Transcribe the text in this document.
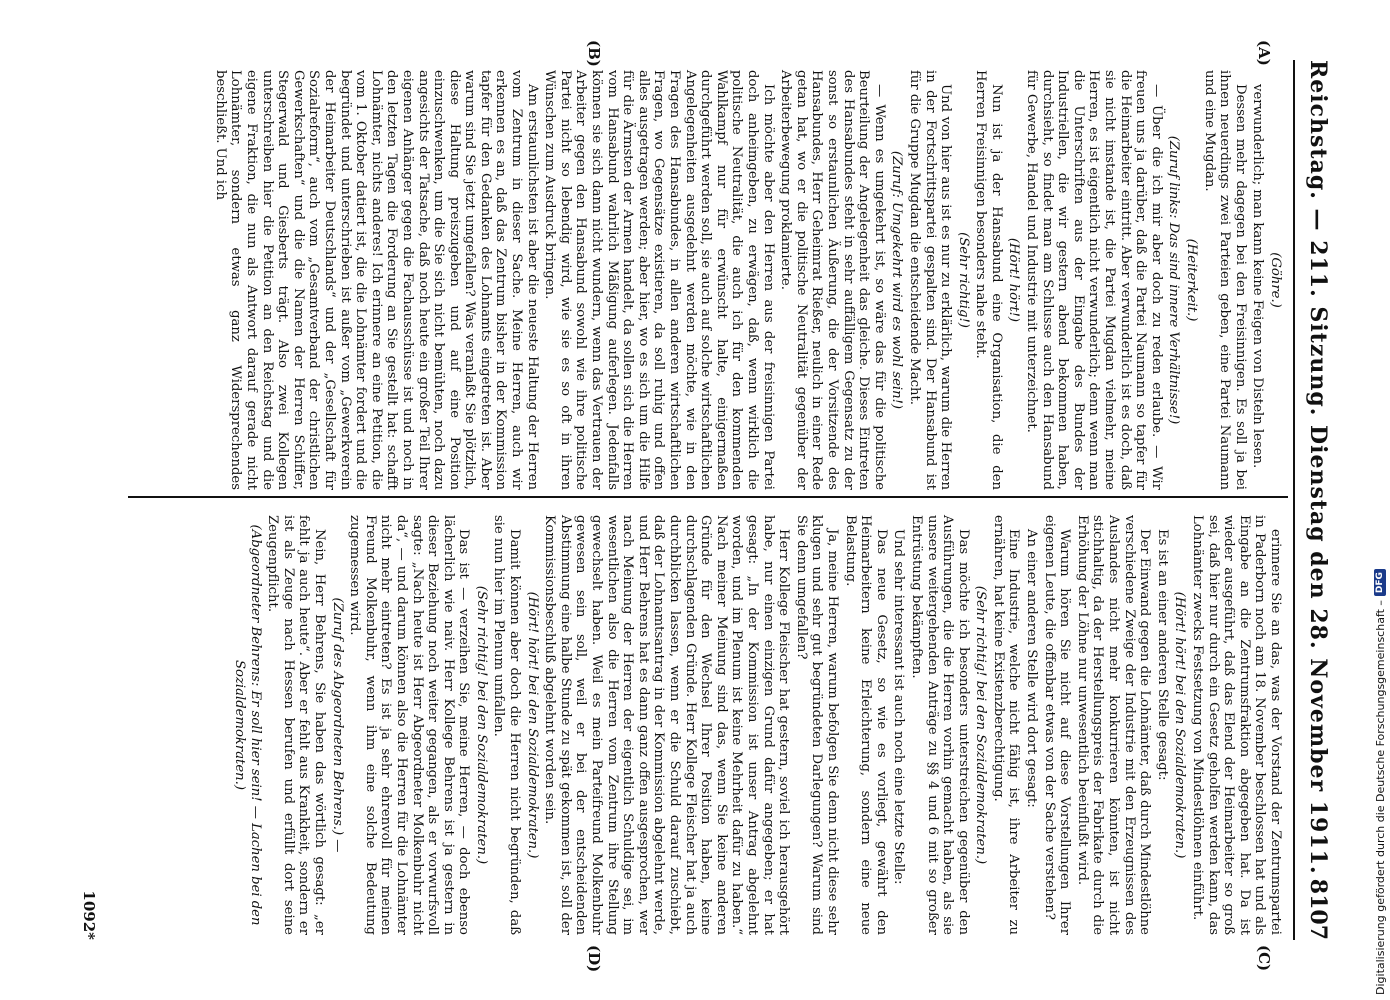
Reichstag. — 211. Sitzung. Dienstag den 28. November 1911.
8107
(A)
(B)
(C)
(D)

(Göhre.)

verwunderlich; man kann keine Feigen von Disteln lesen.

Dessen mehr dagegen bei den Freisinnigen. Es soll ja bei ihnen neuerdings zwei Parteien geben, eine Partei Naumann und eine Mugdan.

(Heiterkeit.)

(Zuruf links: Das sind innere Verhältnisse!)

— Über die ich mir aber doch zu reden erlaube. — Wir freuen uns ja darüber, daß die Partei Naumann so tapfer für die Heimarbeiter eintritt. Aber verwunderlich ist es doch, daß sie nicht imstande ist, die Partei Mugdan vielmehr, meine Herren, es ist eigentlich nicht verwunderlich; denn wenn man die Unterschriften aus der Eingabe des Bundes der Industriellen, die wir gestern abend bekommen haben, durchsieht, so findet man am Schlusse auch den Hansabund für Gewerbe, Handel und Industrie mit unterzeichnet.

(Hört! hört!)

Nun ist ja der Hansabund eine Organisation, die den Herren Freisinnigen besonders nahe steht.

(Sehr richtig!)

Und von hier aus ist es nur zu erklärlich, warum die Herren in der Fortschrittspartei gespalten sind. Der Hansabund ist für die Gruppe Mugdan die entscheidende Macht.

(Zuruf: Umgekehrt wird es wohl sein!)

— Wenn es umgekehrt ist, so wäre das für die politische Beurteilung der Angelegenheit das gleiche. Dieses Eintreten des Hansabundes steht in sehr auffälligem Gegensatz zu der sonst so erstaunlichen Äußerung, die der Vorsitzende des Hansabundes, Herr Geheimrat Rießer, neulich in einer Rede getan hat, wo er die politische Neutralität gegenüber der Arbeiterbewegung proklamierte.

Ich möchte aber den Herren aus der freisinnigen Partei doch anheimgeben, zu erwägen, daß, wenn wirklich die politische Neutralität, die auch ich für den kommenden Wahlkampf nur für erwünscht halte, einigermaßen durchgeführt werden soll, sie auch auf solche wirtschaftlichen Angelegenheiten ausgedehnt werden möchte, wie in den Fragen des Hansabundes, in allen anderen wirtschaftlichen Fragen, wo Gegensätze existieren, da soll ruhig und offen alles ausgetragen werden; aber hier, wo es sich um die Hilfe für die Ärmsten der Armen handelt, da sollen sich die Herren vom Hansabund wahrlich Mäßigung auferlegen. Jedenfalls können sie sich dann nicht wundern, wenn das Vertrauen der Arbeiter gegen den Hansabund sowohl wie ihre politische Partei nicht so lebendig wird, wie sie es so oft in ihren Wünschen zum Ausdruck bringen.

Am erstaunlichsten ist aber die neueste Haltung der Herren vom Zentrum in dieser Sache. Meine Herren, auch wir erkennen es an, daß das Zentrum bisher in der Kommission tapfer für den Gedanken des Lohnamts eingetreten ist. Aber warum sind Sie jetzt umgefallen? Was veranlaßt Sie plötzlich, diese Haltung preiszugeben und auf eine Position einzuschwenken, um die Sie sich nicht bemühten, noch dazu angesichts der Tatsache, daß noch heute ein großer Teil Ihrer eigenen Anhänger gegen die Fachausschüsse ist und noch in den letzten Tagen die Forderung an Sie gestellt hat: schafft Lohnämter, nichts anderes! Ich erinnere an eine Petition, die vom 1. Oktober datiert ist, die die Lohnämter fordert und die begründet und unterschrieben ist außer vom „Gewerkverein der Heimarbeiter Deutschlands“ und der „Gesellschaft für Sozialreform“, auch vom „Gesamtverband der christlichen Gewerkschaften“ und die die Namen der Herren Schiffer, Stegerwald und Giesberts trägt. Also zwei Kollegen unterschreiben hier die Petition an den Reichstag und die eigene Fraktion, die nun als Antwort darauf gerade nicht Lohnämter, sondern etwas ganz Widersprechendes beschließt. Und ich

erinnere Sie an das, was der Vorstand der Zentrumspartei in Paderborn noch am 18. November beschlossen hat und als Eingabe an die Zentrumsfraktion abgegeben hat. Da ist wieder ausgeführt, daß das Elend der Heimarbeiter so groß sei, daß hier nur durch ein Gesetz geholfen werden kann, das Lohnämter zwecks Festsetzung von Mindestlöhnen einführt.

(Hört! hört! bei den Sozialdemokraten.)

Es ist an einer anderen Stelle gesagt:

Der Einwand gegen die Lohnämter, daß durch Mindestlöhne verschiedene Zweige der Industrie mit den Erzeugnissen des Auslandes nicht mehr konkurrieren könnten, ist nicht stichhaltig, da der Herstellungspreis der Fabrikate durch die Erhöhung der Löhne nur unwesentlich beeinflußt wird.

Warum hören Sie nicht auf diese Vorstellungen Ihrer eigenen Leute, die offenbar etwas von der Sache verstehen?

An einer anderen Stelle wird dort gesagt:

Eine Industrie, welche nicht fähig ist, ihre Arbeiter zu ernähren, hat keine Existenzberechtigung.

(Sehr richtig! bei den Sozialdemokraten.)

Das möchte ich besonders unterstreichen gegenüber den Ausführungen, die die Herren vorhin gemacht haben, als sie unsere weitergehenden Anträge zu §§ 4 und 6 mit so großer Entrüstung bekämpften.

Und sehr interessant ist auch noch eine letzte Stelle:

Das neue Gesetz, so wie es vorliegt, gewährt den Heimarbeitern keine Erleichterung, sondern eine neue Belastung.

Ja, meine Herren, warum befolgen Sie denn nicht diese sehr klugen und sehr gut begründeten Darlegungen? Warum sind Sie denn umgefallen?

Herr Kollege Fleischer hat gestern, soviel ich herausgehört habe, nur einen einzigen Grund dafür angegeben; er hat gesagt: „In der Kommission ist unser Antrag abgelehnt worden, und im Plenum ist keine Mehrheit dafür zu haben.“ Nach meiner Meinung sind das, wenn Sie keine anderen Gründe für den Wechsel Ihrer Position haben, keine durchschlagenden Gründe. Herr Kollege Fleischer hat ja auch durchblicken lassen, wenn er die Schuld darauf zuschiebt, daß der Lohnamtsantrag in der Kommission abgelehnt werde, und Herr Behrens hat es dann ganz offen ausgesprochen, wer nach Meinung der Herren der eigentlich Schuldige sei, im wesentlichen also die Herren vom Zentrum ihre Stellung gewechselt haben. Weil es mein Parteifreund Molkenbuhr gewesen sein soll, weil er bei der entscheidenden Abstimmung eine halbe Stunde zu spät gekommen ist, soll der Kommissionsbeschluß abgelehnt worden sein.

(Hört! hört! bei den Sozialdemokraten.)

Damit können aber doch die Herren nicht begründen, daß sie nun hier im Plenum umfallen.

(Sehr richtig! bei den Sozialdemokraten.)

Das ist — verzeihen Sie, meine Herren, — doch ebenso lächerlich wie naiv. Herr Kollege Behrens ist ja gestern in dieser Beziehung noch weiter gegangen, als er vorwurfsvoll sagte: „Nach heute ist Herr Abgeordneter Molkenbuhr nicht da“, — und darum können also die Herren für die Lohnämter nicht mehr eintreten? Es ist ja sehr ehrenvoll für meinen Freund Molkenbuhr, wenn ihm eine solche Bedeutung zugemessen wird.

(Zuruf des Abgeordneten Behrens.) —

Nein, Herr Behrens, Sie haben das wörtlich gesagt: „er fehlt ja auch heute“. Aber er fehlt aus Krankheit, sondern er ist als Zeuge nach Hessen berufen und erfüllt dort seine Zeugenpflicht.

(Abgeordneter Behrens: Er soll hier sein! — Lachen bei den Sozialdemokraten.)

1092*	Digitalisierung gefördert durch die Deutsche Forschungsgemeinschaft –
DFG
